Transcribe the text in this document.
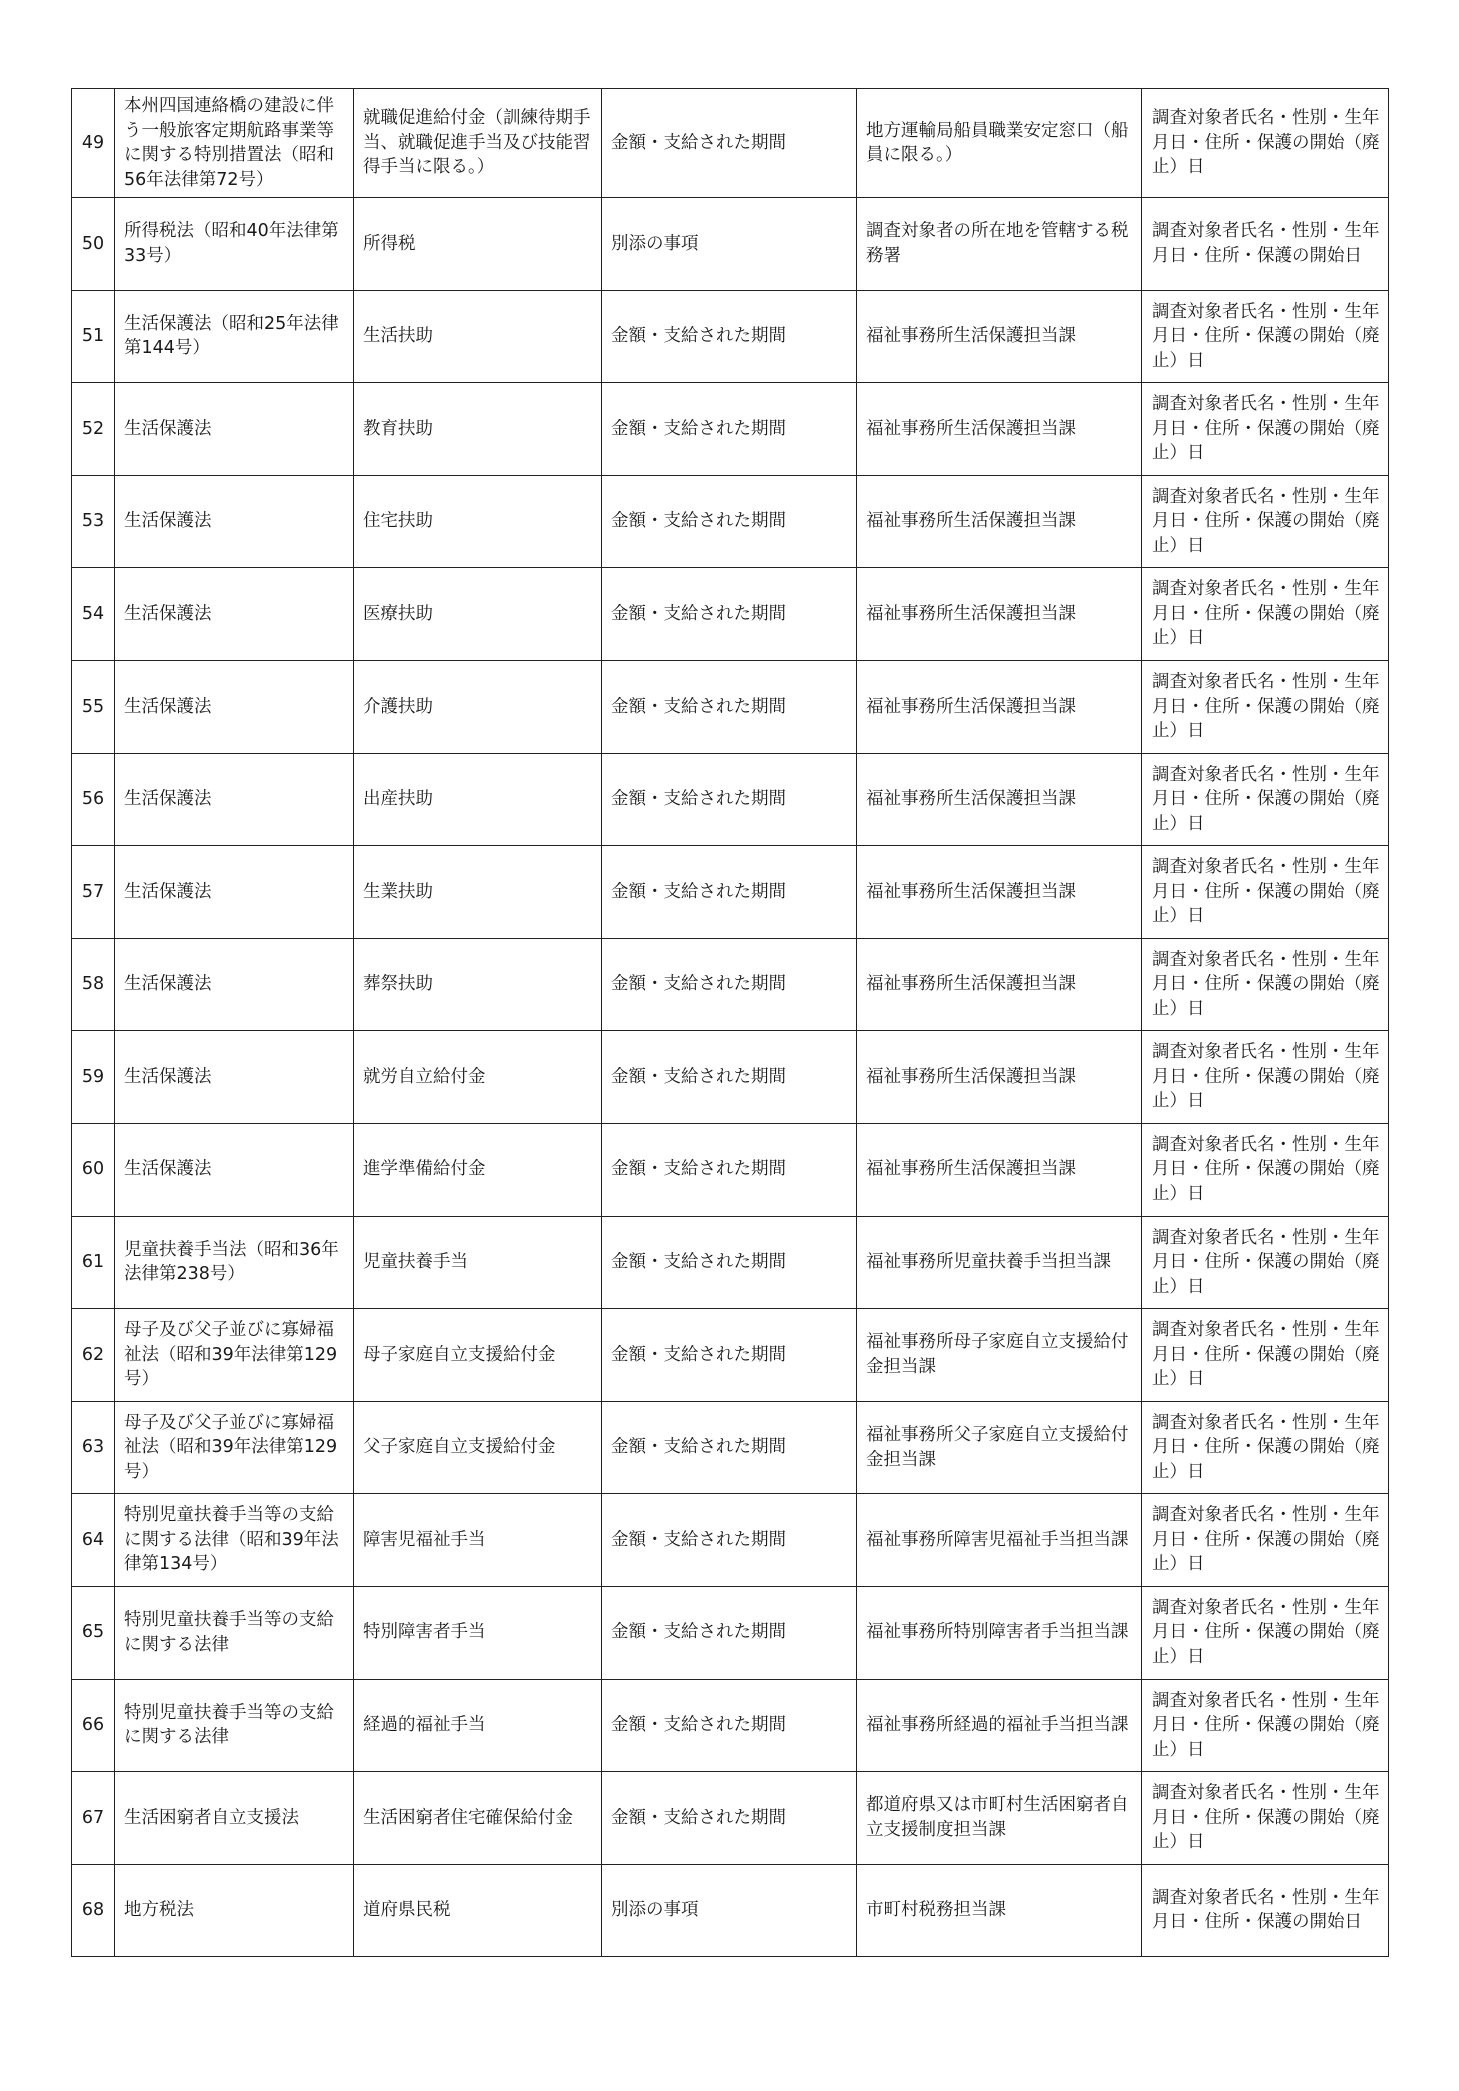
49	本州四国連絡橋の建設に伴う一般旅客定期航路事業等に関する特別措置法（昭和56年法律第72号）	就職促進給付金（訓練待期手当、就職促進手当及び技能習得手当に限る。）	金額・支給された期間	地方運輸局船員職業安定窓口（船員に限る。）	調査対象者氏名・性別・生年月日・住所・保護の開始（廃止）日
50	所得税法（昭和40年法律第33号）	所得税	別添の事項	調査対象者の所在地を管轄する税務署	調査対象者氏名・性別・生年月日・住所・保護の開始日
51	生活保護法（昭和25年法律第144号）	生活扶助	金額・支給された期間	福祉事務所生活保護担当課	調査対象者氏名・性別・生年月日・住所・保護の開始（廃止）日
52	生活保護法	教育扶助	金額・支給された期間	福祉事務所生活保護担当課	調査対象者氏名・性別・生年月日・住所・保護の開始（廃止）日
53	生活保護法	住宅扶助	金額・支給された期間	福祉事務所生活保護担当課	調査対象者氏名・性別・生年月日・住所・保護の開始（廃止）日
54	生活保護法	医療扶助	金額・支給された期間	福祉事務所生活保護担当課	調査対象者氏名・性別・生年月日・住所・保護の開始（廃止）日
55	生活保護法	介護扶助	金額・支給された期間	福祉事務所生活保護担当課	調査対象者氏名・性別・生年月日・住所・保護の開始（廃止）日
56	生活保護法	出産扶助	金額・支給された期間	福祉事務所生活保護担当課	調査対象者氏名・性別・生年月日・住所・保護の開始（廃止）日
57	生活保護法	生業扶助	金額・支給された期間	福祉事務所生活保護担当課	調査対象者氏名・性別・生年月日・住所・保護の開始（廃止）日
58	生活保護法	葬祭扶助	金額・支給された期間	福祉事務所生活保護担当課	調査対象者氏名・性別・生年月日・住所・保護の開始（廃止）日
59	生活保護法	就労自立給付金	金額・支給された期間	福祉事務所生活保護担当課	調査対象者氏名・性別・生年月日・住所・保護の開始（廃止）日
60	生活保護法	進学準備給付金	金額・支給された期間	福祉事務所生活保護担当課	調査対象者氏名・性別・生年月日・住所・保護の開始（廃止）日
61	児童扶養手当法（昭和36年法律第238号）	児童扶養手当	金額・支給された期間	福祉事務所児童扶養手当担当課	調査対象者氏名・性別・生年月日・住所・保護の開始（廃止）日
62	母子及び父子並びに寡婦福祉法（昭和39年法律第129号）	母子家庭自立支援給付金	金額・支給された期間	福祉事務所母子家庭自立支援給付金担当課	調査対象者氏名・性別・生年月日・住所・保護の開始（廃止）日
63	母子及び父子並びに寡婦福祉法（昭和39年法律第129号）	父子家庭自立支援給付金	金額・支給された期間	福祉事務所父子家庭自立支援給付金担当課	調査対象者氏名・性別・生年月日・住所・保護の開始（廃止）日
64	特別児童扶養手当等の支給に関する法律（昭和39年法律第134号）	障害児福祉手当	金額・支給された期間	福祉事務所障害児福祉手当担当課	調査対象者氏名・性別・生年月日・住所・保護の開始（廃止）日
65	特別児童扶養手当等の支給に関する法律	特別障害者手当	金額・支給された期間	福祉事務所特別障害者手当担当課	調査対象者氏名・性別・生年月日・住所・保護の開始（廃止）日
66	特別児童扶養手当等の支給に関する法律	経過的福祉手当	金額・支給された期間	福祉事務所経過的福祉手当担当課	調査対象者氏名・性別・生年月日・住所・保護の開始（廃止）日
67	生活困窮者自立支援法	生活困窮者住宅確保給付金	金額・支給された期間	都道府県又は市町村生活困窮者自立支援制度担当課	調査対象者氏名・性別・生年月日・住所・保護の開始（廃止）日
68	地方税法	道府県民税	別添の事項	市町村税務担当課	調査対象者氏名・性別・生年月日・住所・保護の開始日
